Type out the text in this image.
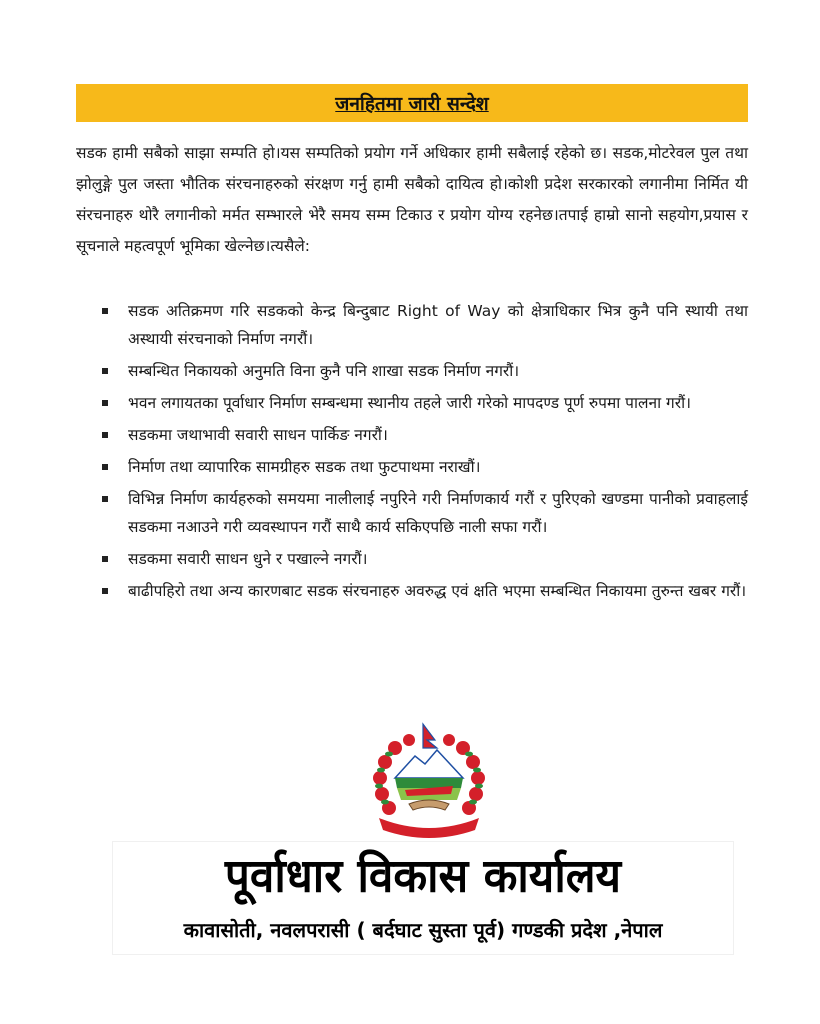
जनहितमा जारी सन्देश

सडक हामी सबैको साझा सम्पति हो।यस सम्पतिको प्रयोग गर्ने अधिकार हामी सबैलाई रहेको छ। सडक,मोटरेवल पुल तथा झोलुङ्गे पुल जस्ता भौतिक संरचनाहरुको संरक्षण गर्नु हामी सबैको दायित्व हो।कोशी प्रदेश सरकारको लगानीमा निर्मित यी संरचनाहरु थोरै लगानीको मर्मत सम्भारले भेरै समय सम्म टिकाउ र प्रयोग योग्य रहनेछ।तपाई हाम्रो सानो सहयोग,प्रयास र सूचनाले महत्वपूर्ण भूमिका खेल्नेछ।त्यसैले:

सडक अतिक्रमण गरि सडकको केन्द्र बिन्दुबाट Right of Way को क्षेत्राधिकार भित्र कुनै पनि स्थायी तथा अस्थायी संरचनाको निर्माण नगरौं।
सम्बन्धित निकायको अनुमति विना कुनै पनि शाखा सडक निर्माण नगरौं।
भवन लगायतका पूर्वाधार निर्माण सम्बन्धमा स्थानीय तहले जारी गरेको मापदण्ड पूर्ण रुपमा पालना गरौं।
सडकमा जथाभावी सवारी साधन पार्किङ नगरौं।
निर्माण तथा व्यापारिक सामग्रीहरु सडक तथा फुटपाथमा नराखौं।
विभिन्न निर्माण कार्यहरुको समयमा नालीलाई नपुरिने गरी निर्माणकार्य गरौं र पुरिएको खण्डमा पानीको प्रवाहलाई सडकमा नआउने गरी व्यवस्थापन गरौं साथै कार्य सकिएपछि नाली सफा गरौं।
सडकमा सवारी साधन धुने र पखाल्ने नगरौं।
बाढीपहिरो तथा अन्य कारणबाट सडक संरचनाहरु अवरुद्ध एवं क्षति भएमा सम्बन्धित निकायमा तुरुन्त खबर गरौं।
पूर्वाधार विकास कार्यालय
कावासोती, नवलपरासी ( बर्दघाट सुस्ता पूर्व) गण्डकी प्रदेश ,नेपाल
